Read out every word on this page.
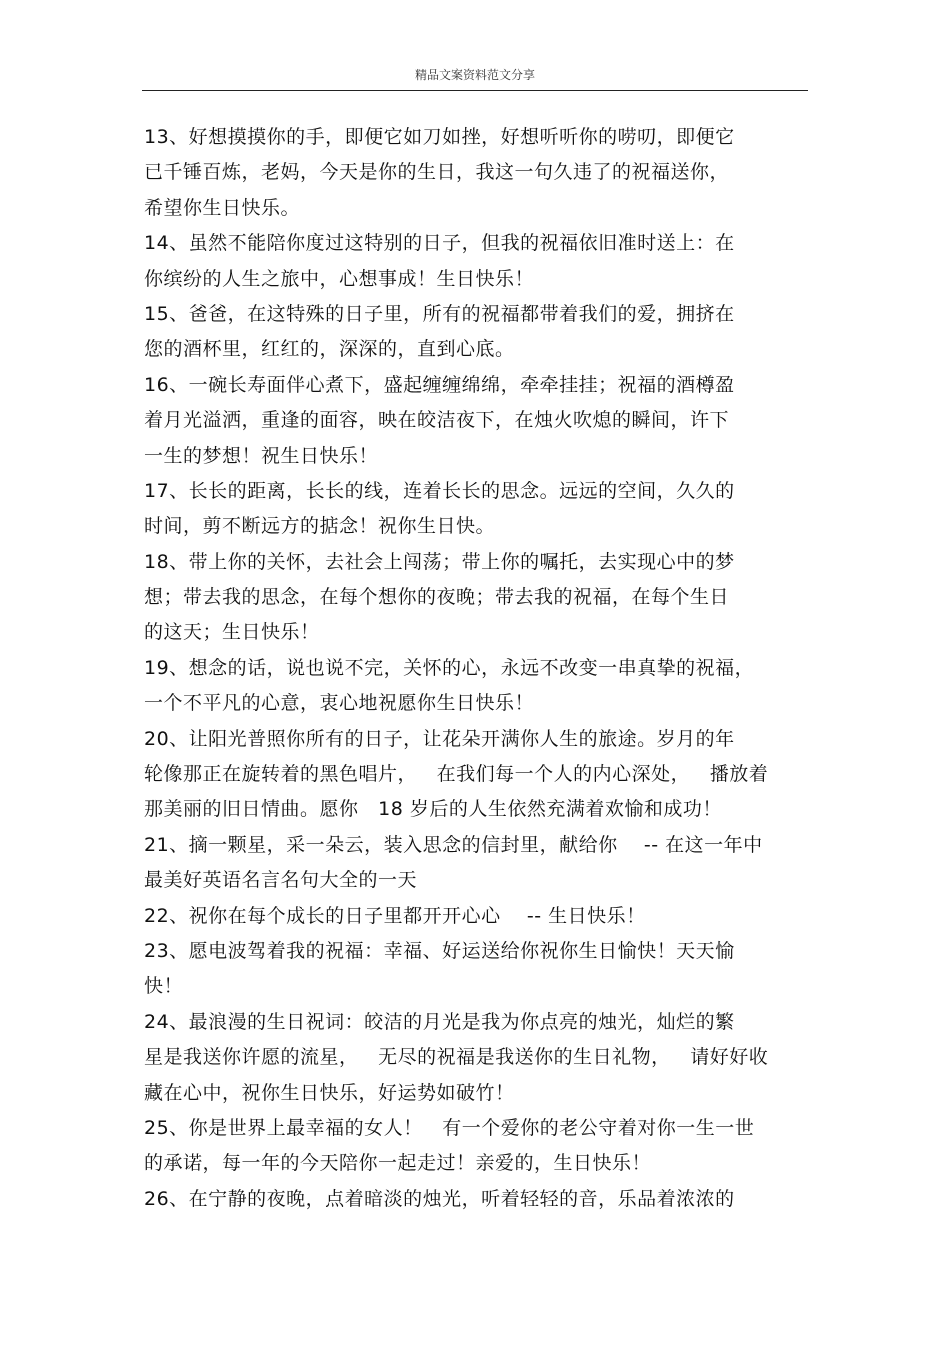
精品文案资料范文分享
13、好想摸摸你的手，即便它如刀如挫，好想听听你的唠叨，即便它
已千锤百炼，老妈，今天是你的生日，我这一句久违了的祝福送你，
希望你生日快乐。
14、虽然不能陪你度过这特别的日子，但我的祝福依旧准时送上：在
你缤纷的人生之旅中，心想事成！生日快乐！
15、爸爸，在这特殊的日子里，所有的祝福都带着我们的爱，拥挤在
您的酒杯里，红红的，深深的，直到心底。
16、一碗长寿面伴心煮下，盛起缠缠绵绵，牵牵挂挂；祝福的酒樽盈
着月光溢洒，重逢的面容，映在皎洁夜下，在烛火吹熄的瞬间，许下
一生的梦想！祝生日快乐！
17、长长的距离，长长的线，连着长长的思念。远远的空间，久久的
时间，剪不断远方的掂念！祝你生日快。
18、带上你的关怀，去社会上闯荡；带上你的嘱托，去实现心中的梦
想；带去我的思念，在每个想你的夜晚；带去我的祝福，在每个生日
的这天；生日快乐！
19、想念的话，说也说不完，关怀的心，永远不改变一串真挚的祝福，
一个不平凡的心意，衷心地祝愿你生日快乐！
20、让阳光普照你所有的日子，让花朵开满你人生的旅途。岁月的年
轮像那正在旋转着的黑色唱片，   在我们每一个人的内心深处，   播放着
那美丽的旧日情曲。愿你   18 岁后的人生依然充满着欢愉和成功！
21、摘一颗星，采一朵云，装入思念的信封里，献给你    -- 在这一年中
最美好英语名言名句大全的一天
22、祝你在每个成长的日子里都开开心心    -- 生日快乐！
23、愿电波驾着我的祝福：幸福、好运送给你祝你生日愉快！天天愉
快！
24、最浪漫的生日祝词：皎洁的月光是我为你点亮的烛光，灿烂的繁
星是我送你许愿的流星，   无尽的祝福是我送你的生日礼物，   请好好收
藏在心中，祝你生日快乐，好运势如破竹！
25、你是世界上最幸福的女人！   有一个爱你的老公守着对你一生一世
的承诺，每一年的今天陪你一起走过！亲爱的，生日快乐！
26、在宁静的夜晚，点着暗淡的烛光，听着轻轻的音，乐品着浓浓的
